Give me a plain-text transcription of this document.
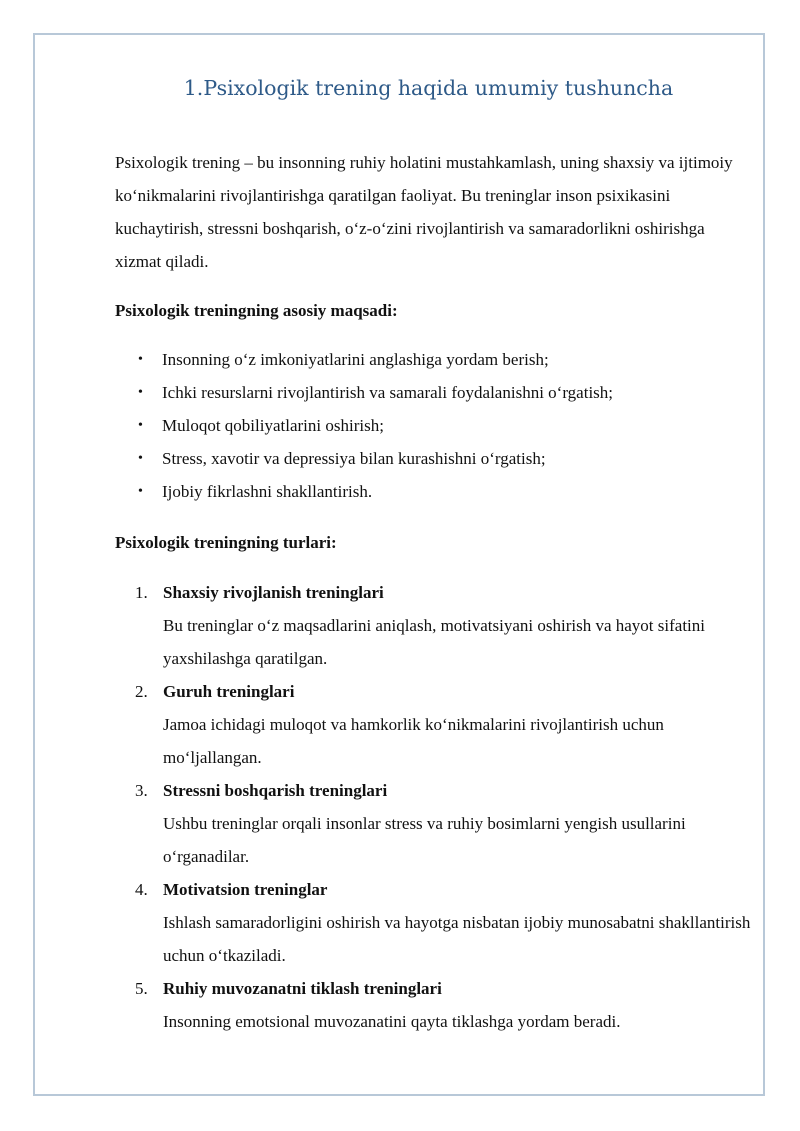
1.Psixologik trening haqida umumiy tushuncha

Psixologik trening – bu insonning ruhiy holatini mustahkamlash, uning shaxsiy va ijtimoiy ko‘nikmalarini rivojlantirishga qaratilgan faoliyat. Bu treninglar inson psixikasini kuchaytirish, stressni boshqarish, o‘z-o‘zini rivojlantirish va samaradorlikni oshirishga xizmat qiladi.

Psixologik treningning asosiy maqsadi:

• Insonning o‘z imkoniyatlarini anglashiga yordam berish;
• Ichki resurslarni rivojlantirish va samarali foydalanishni o‘rgatish;
• Muloqot qobiliyatlarini oshirish;
• Stress, xavotir va depressiya bilan kurashishni o‘rgatish;
• Ijobiy fikrlashni shakllantirish.

Psixologik treningning turlari:

1. Shaxsiy rivojlanish treninglari
Bu treninglar o‘z maqsadlarini aniqlash, motivatsiyani oshirish va hayot sifatini yaxshilashga qaratilgan.
2. Guruh treninglari
Jamoa ichidagi muloqot va hamkorlik ko‘nikmalarini rivojlantirish uchun mo‘ljallangan.
3. Stressni boshqarish treninglari
Ushbu treninglar orqali insonlar stress va ruhiy bosimlarni yengish usullarini o‘rganadilar.
4. Motivatsion treninglar
Ishlash samaradorligini oshirish va hayotga nisbatan ijobiy munosabatni shakllantirish uchun o‘tkaziladi.
5. Ruhiy muvozanatni tiklash treninglari
Insonning emotsional muvozanatini qayta tiklashga yordam beradi.
